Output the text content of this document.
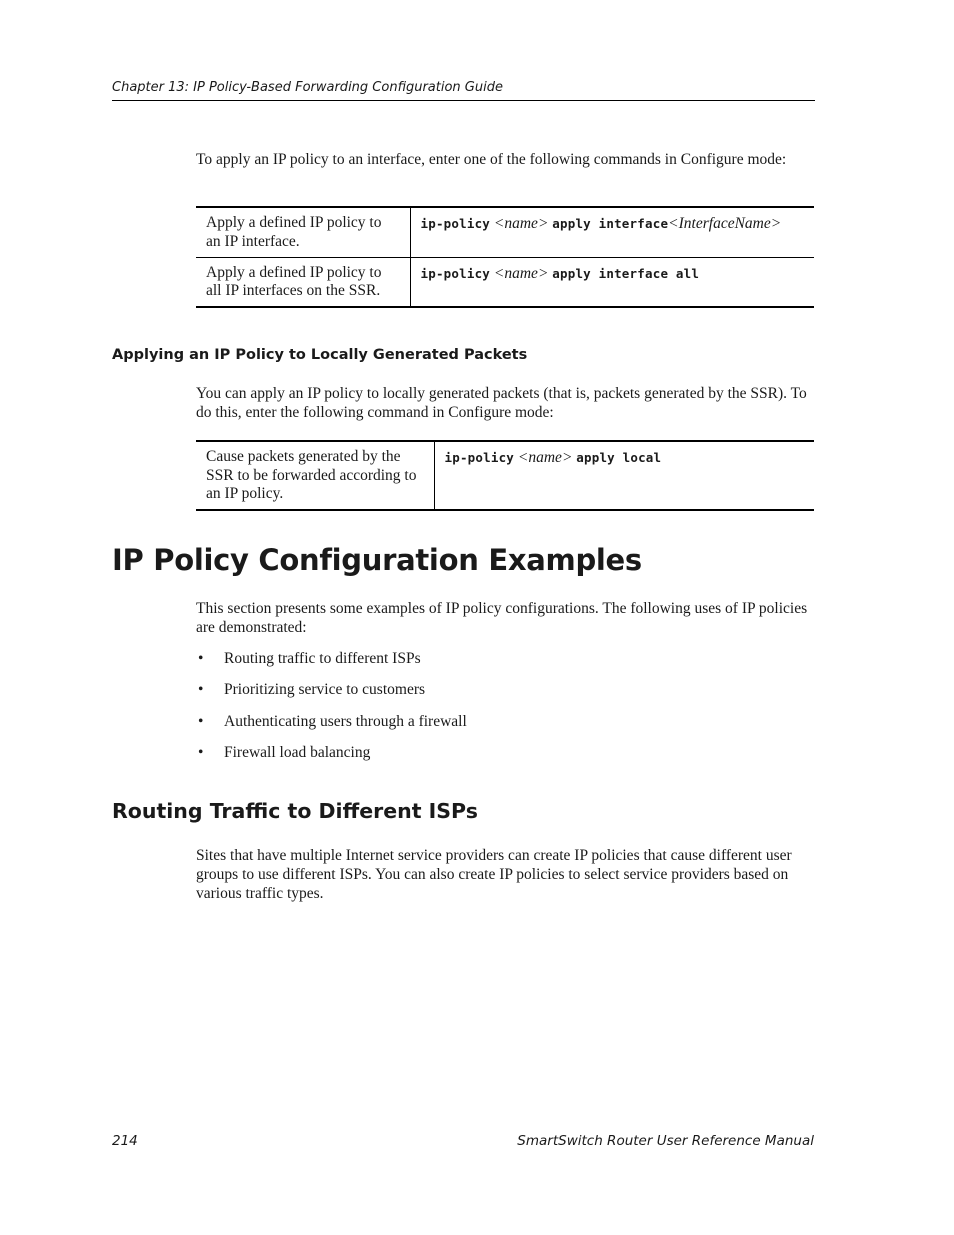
Chapter 13: IP Policy-Based Forwarding Configuration Guide
To apply an IP policy to an interface, enter one of the following commands in Configure mode:
Apply a defined IP policy to an IP interface.	ip-policy <name> apply interface<InterfaceName>
Apply a defined IP policy to all IP interfaces on the SSR.	ip-policy <name> apply interface all
Applying an IP Policy to Locally Generated Packets
You can apply an IP policy to locally generated packets (that is, packets generated by the SSR). To do this, enter the following command in Configure mode:
Cause packets generated by the SSR to be forwarded according to an IP policy.	ip-policy <name> apply local
IP Policy Configuration Examples
This section presents some examples of IP policy configurations. The following uses of IP policies are demonstrated:
• Routing traffic to different ISPs
• Prioritizing service to customers
• Authenticating users through a firewall
• Firewall load balancing
Routing Traffic to Different ISPs
Sites that have multiple Internet service providers can create IP policies that cause different user groups to use different ISPs. You can also create IP policies to select service providers based on various traffic types.
214	SmartSwitch Router User Reference Manual
